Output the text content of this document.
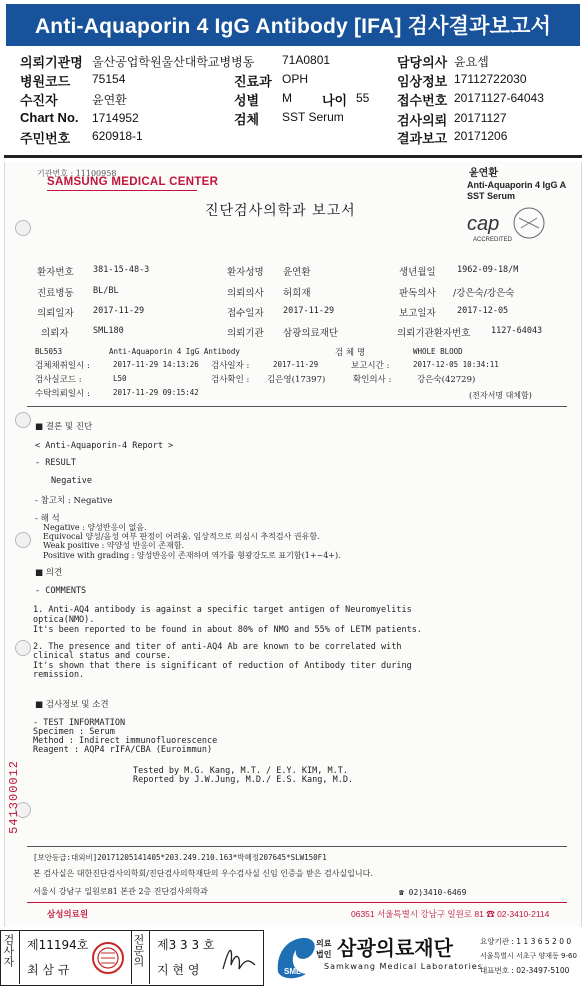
Anti-Aquaporin 4 IgG Antibody [IFA] 검사결과보고서
의뢰기관명 울산공업학원울산대학교병병동 71A0801	담당의사 윤요셉
병원코드 75154	진료과 OPH	임상정보 17112722030
수진자	윤연환	성별 M 나이 55 접수번호 20171127-64043
Chart No. 1714952	검체 SST Serum	검사의뢰 20171127
주민번호 620918-1	결과보고 20171206
기관번호 : 11100958
SAMSUNG MEDICAL CENTER
윤연환
Anti-Aquaporin 4 IgG A
SST Serum
진단검사의학과 보고서
cap
ACCREDITED
환자번호 381-15-48-3	환자성명 윤연환	생년월일	1962-09-18/M
진료병동 BL/BL	의뢰의사 허희재	판독의사 /강은숙/강은숙
의뢰일자 2017-11-29	접수일자 2017-11-29	보고일자	2017-12-05
의뢰자	SML180	의뢰기관 삼광의료재단	의뢰기관환자번호 1127-64043
BL5053	Anti-Aquaporin 4 IgG Antibody	검 체 명	WHOLE BLOOD
검체채취일시 :	2017-11-29 14:13:26 검사일자 :	2017-11-29	보고시간 :	2017-12-05 10:34:11
검사실코드 :	L50	검사확인 : 김은영(17397)	확인의사 :	강은숙(42729)
수탁의뢰일시 :	2017-11-29 09:15:42	(전자서명 대체함)
■ 결론 및 진단
< Anti-Aquaporin-4 Report >
- RESULT
Negative
- 참고치 : Negative
- 해 석
Negative : 양성반응이 없음.
Equivocal 양성/음성 여부 판정이 어려움. 임상적으로 의심시 추적검사 권유함.
Weak positive : 약양성 반응이 존재함.
Positive with grading : 양성반응이 존재하며 역가를 형광강도로 표기함(1+~4+).
■ 의견
- COMMENTS
1. Anti-AQ4 antibody is against a specific target antigen of Neuromyelitis
optica(NMO).
It's been reported to be found in about 80% of NMO and 55% of LETM patients.
2. The presence and titer of anti-AQ4 Ab are known to be correlated with
clinical status and course.
It's shown that there is significant of reduction of Antibody titer during
remission.
■ 검사정보 및 소견
- TEST INFORMATION
Specimen : Serum
Method : Indirect immunofluorescence
Reagent : AQP4 rIFA/CBA (Euroimmun)
Tested by M.G. Kang, M.T. / E.Y. KIM, M.T.
Reported by J.W.Jung, M.D./ E.S. Kang, M.D.
541300012
[보안등급:대외비]20171205141405*203.249.210.163*박혜정207645*SLW150F1
본 검사실은 대한진단검사의학회/진단검사의학재단의 우수검사실 신임 인증을 받은 검사실입니다.
서울시 강남구 일원로81 본관 2층 진단검사의학과	☎ 02)3410-6469
삼성의료원	06351 서울특별시 강남구 일원로 81 ☎ 02-3410-2114
검사자 제11194호
최 삼 규
전문의 제3 3 3 호
지 현 영	SML
의료
법인 삼광의료재단
Samkwang Medical Laboratories
요양기관 : 1 1 3 6 5 2 0 0
서울특별시 서초구 양재동 9-60
대표번호 : 02-3497-5100
